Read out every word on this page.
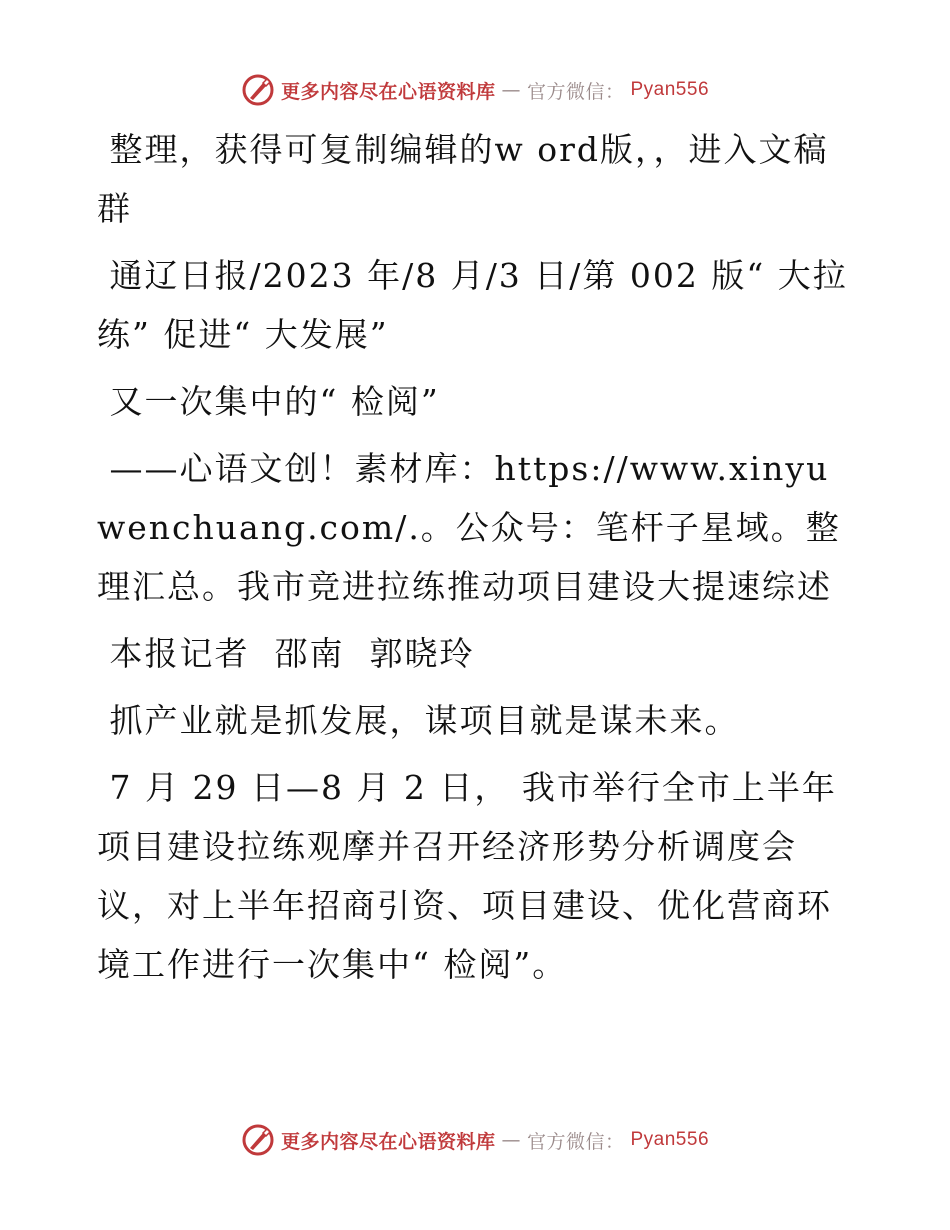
更多内容尽在心语资料库 — 官方微信： Pyan556

整理，获得可复制编辑的w ord版，，进入文稿群

通辽日报/2023 年/8 月/3 日/第 002 版“ 大拉练” 促进“ 大发展”

又一次集中的“ 检阅”

——心语文创！素材库：https://www.xinyuwenchuang.com/.。公众号：笔杆子星域。整理汇总。我市竞进拉练推动项目建设大提速综述

本报记者  邵南  郭晓玲

抓产业就是抓发展，谋项目就是谋未来。

7 月 29 日—8 月 2 日， 我市举行全市上半年项目建设拉练观摩并召开经济形势分析调度会议，对上半年招商引资、项目建设、优化营商环境工作进行一次集中“ 检阅”。

更多内容尽在心语资料库 — 官方微信： Pyan556
